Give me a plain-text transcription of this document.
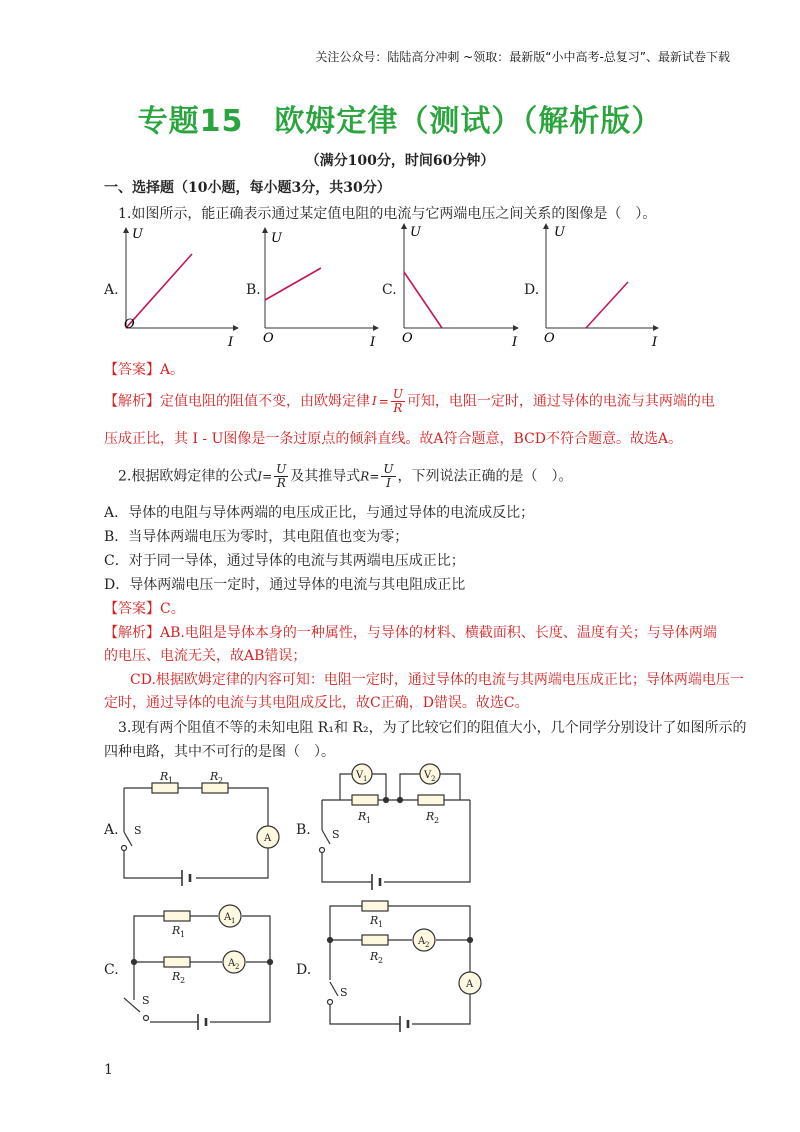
关注公众号：陆陆高分冲刺 ~领取：最新版“小中高考-总复习”、最新试卷下载
专题15　欧姆定律（测试）（解析版）
（满分100分，时间60分钟）
一、选择题（10小题，每小题3分，共30分）
1.如图所示，能正确表示通过某定值电阻的电流与它两端电压之间关系的图像是（　）。
A.	B.	C.	D.
U
I
O
U
I
O
U
I
O
U
I
O
【答案】A。
【解析】定值电阻的阻值不变，由欧姆定律 $I = \frac{U}{R}$ 可知，电阻一定时，通过导体的电流与其两端的电
压成正比，其 I - U图像是一条过原点的倾斜直线。故A符合题意，BCD不符合题意。故选A。
2.根据欧姆定律的公式$I= \frac{U}{R}$ 及其推导式$R= \frac{U}{I}$ ，下列说法正确的是（　）。
A．导体的电阻与导体两端的电压成正比，与通过导体的电流成反比；
B．当导体两端电压为零时，其电阻值也变为零；
C．对于同一导体，通过导体的电流与其两端电压成正比；
D．导体两端电压一定时，通过导体的电流与其电阻成正比
【答案】C。
【解析】AB.电阻是导体本身的一种属性，与导体的材料、横截面积、长度、温度有关；与导体两端
的电压、电流无关，故AB错误；
CD.根据欧姆定律的内容可知：电阻一定时，通过导体的电流与其两端电压成正比；导体两端电压一
定时，通过导体的电流与其电阻成反比，故C正确，D错误。故选C。
3.现有两个阻值不等的未知电阻 R₁和 R₂，为了比较它们的阻值大小，几个同学分别设计了如图所示的
四种电路，其中不可行的是图（　）。
A.	B.
C.	D.
R 1	R 2
S
A
R 1	R 2
V 1	V 2
S
R 1
R 2
A 1
A 2
S
R 1
R 2
A 2
A
S
1
